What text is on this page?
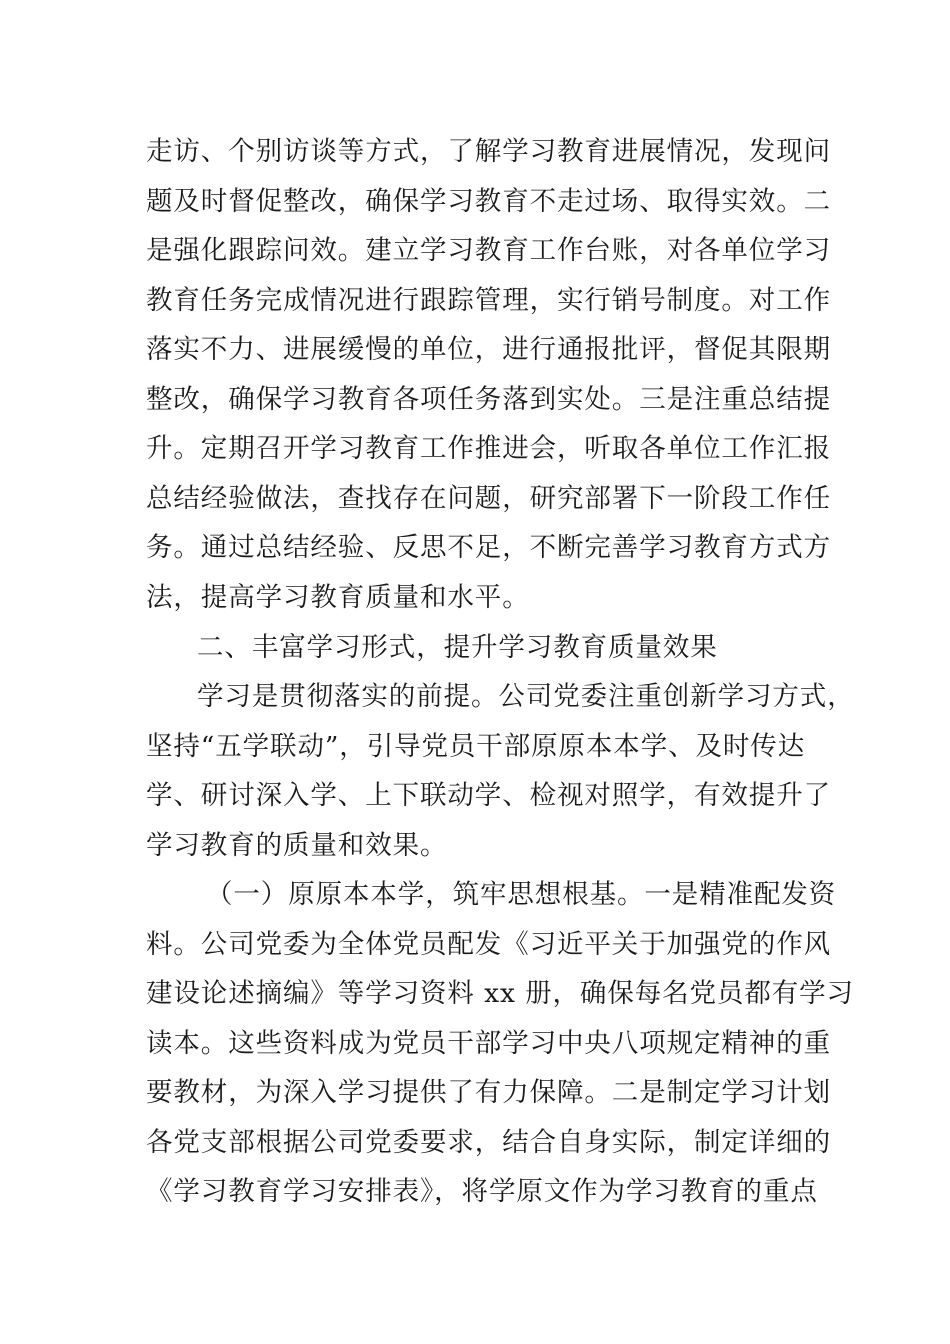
走访、个别访谈等方式，了解学习教育进展情况，发现问

题及时督促整改，确保学习教育不走过场、取得实效。二

是强化跟踪问效。建立学习教育工作台账，对各单位学习

教育任务完成情况进行跟踪管理，实行销号制度。对工作

落实不力、进展缓慢的单位，进行通报批评，督促其限期

整改，确保学习教育各项任务落到实处。三是注重总结提

升。定期召开学习教育工作推进会，听取各单位工作汇报

总结经验做法，查找存在问题，研究部署下一阶段工作任

务。通过总结经验、反思不足，不断完善学习教育方式方

法，提高学习教育质量和水平。

二、丰富学习形式，提升学习教育质量效果

学习是贯彻落实的前提。公司党委注重创新学习方式，

坚持“五学联动”，引导党员干部原原本本学、及时传达

学、研讨深入学、上下联动学、检视对照学，有效提升了

学习教育的质量和效果。

（一）原原本本学，筑牢思想根基。一是精准配发资

料。公司党委为全体党员配发《习近平关于加强党的作风

建设论述摘编》等学习资料 xx 册，确保每名党员都有学习

读本。这些资料成为党员干部学习中央八项规定精神的重

要教材，为深入学习提供了有力保障。二是制定学习计划

各党支部根据公司党委要求，结合自身实际，制定详细的

《学习教育学习安排表》，将学原文作为学习教育的重点
